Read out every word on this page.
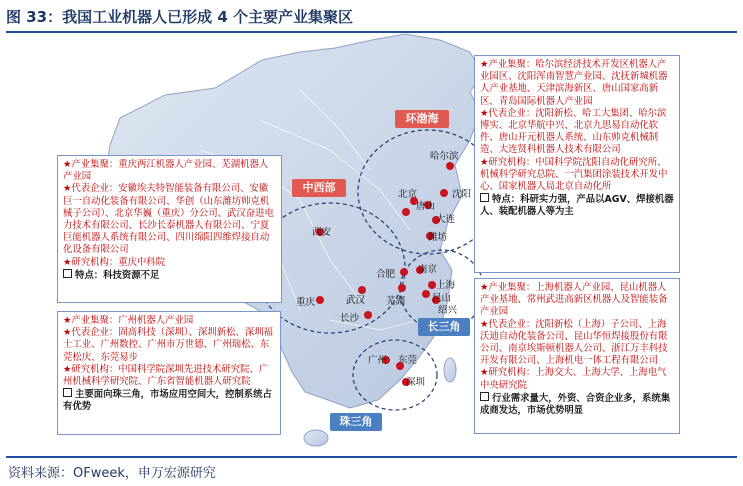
图 33：我国工业机器人已形成 4 个主要产业集聚区
环渤海
中西部
长三角
珠三角
哈尔滨
北京	沈阳
唐山
大连
潍坊
重庆
西安
武汉
长沙
芜湖
合肥 南京
上海
昆山
绍兴
广州 东莞
深圳

★产业集聚：哈尔滨经济技术开发区机器人产业园区、沈阳浑南智慧产业园、沈抚新城机器人产业基地、天津滨海新区、唐山国家高新区、青岛国际机器人产业园

★代表企业：沈阳新松、哈工大集团、哈尔滨博实、北京华航中兴、北京九思易自动化软件、唐山开元机器人系统、山东帅克机械制造、大连贤科机器人技术有限公司

★研究机构：中国科学院沈阳自动化研究所、机械科学研究总院、一汽集团涂装技术开发中心、国家机器人局北京自动化所

特点：科研实力强，产品以AGV、焊接机器人、装配机器人等为主

★产业集聚：重庆两江机器人产业园、芜湖机器人产业园

★代表企业：安徽埃夫特智能装备有限公司、安徽巨一自动化装备有限公司、华创（山东潍坊帅克机械子公司）、北京华巍（重庆）分公司、武汉奋进电力技术有限公司、长沙长泰机器人有限公司、宁夏巨能机器人系统有限公司、四川绵阳四维焊接自动化设备有限公司

★研究机构：重庆中科院

特点：科技资源不足

★产业集聚：广州机器人产业园

★代表企业：固高科技（深圳）、深圳新松、深圳福士工业、广州数控、广州市万世德、广州瑞松、东莞松庆、东莞易步

★研究机构：中国科学院深圳先进技术研究院、广州机械科学研究院、广东省智能机器人研究院

主要面向珠三角，市场应用空间大，控制系统占有优势

★产业集聚：上海机器人产业园、昆山机器人产业基地、常州武进高新区机器人及智能装备产业园

★代表企业：沈阳新松（上海）子公司、上海沃迪自动化装备公司、昆山华恒焊接股份有限公司、南京埃斯顿机器人公司、浙江万丰科技开发有限公司、上海机电一体工程有限公司

★研究机构：上海交大、上海大学、上海电气中央研究院

行业需求量大，外资、合资企业多，系统集成商发达，市场优势明显

资料来源：OFweek，申万宏源研究
